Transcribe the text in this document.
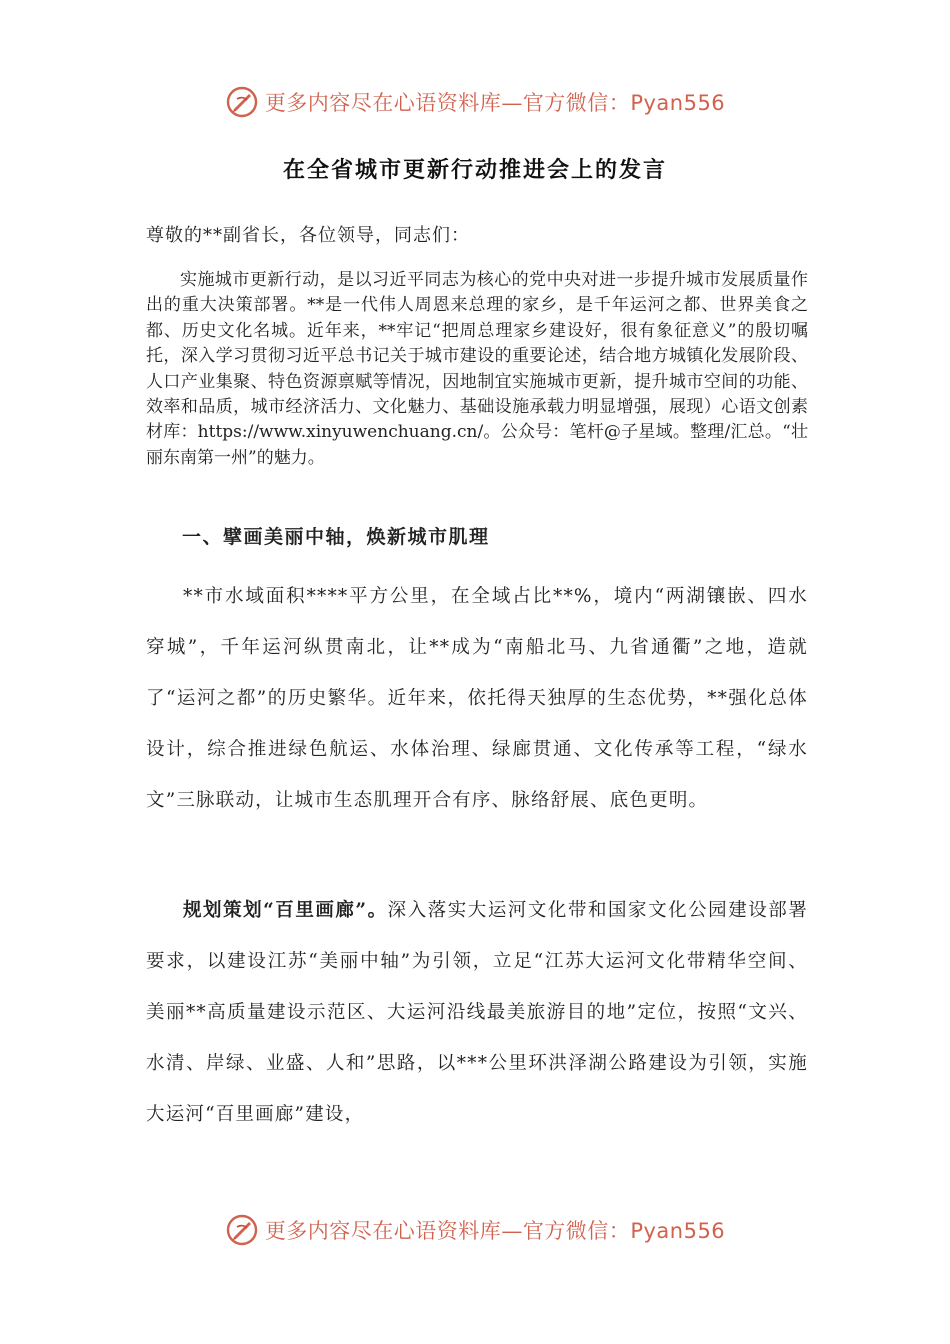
更多内容尽在心语资料库—官方微信：Pyan556
在全省城市更新行动推进会上的发言
尊敬的**副省长，各位领导，同志们：

实施城市更新行动，是以习近平同志为核心的党中央对进一步提升城市发展质量作出的重大决策部署。**是一代伟人周恩来总理的家乡，是千年运河之都、世界美食之都、历史文化名城。近年来，**牢记“把周总理家乡建设好，很有象征意义”的殷切嘱托，深入学习贯彻习近平总书记关于城市建设的重要论述，结合地方城镇化发展阶段、人口产业集聚、特色资源禀赋等情况，因地制宜实施城市更新，提升城市空间的功能、效率和品质，城市经济活力、文化魅力、基础设施承载力明显增强，展现）心语文创素材库：https://www.xinyuwenchuang.cn/。公众号：笔杆@子星域。整理/汇总。“壮丽东南第一州”的魅力。

一、擘画美丽中轴，焕新城市肌理

**市水域面积****平方公里，在全域占比**%，境内“两湖镶嵌、四水穿城”，千年运河纵贯南北，让**成为“南船北马、九省通衢”之地，造就了“运河之都”的历史繁华。近年来，依托得天独厚的生态优势，**强化总体设计，综合推进绿色航运、水体治理、绿廊贯通、文化传承等工程，“绿水文”三脉联动，让城市生态肌理开合有序、脉络舒展、底色更明。

规划策划“百里画廊”。深入落实大运河文化带和国家文化公园建设部署要求，以建设江苏“美丽中轴”为引领，立足“江苏大运河文化带精华空间、美丽**高质量建设示范区、大运河沿线最美旅游目的地”定位，按照“文兴、水清、岸绿、业盛、人和”思路，以***公里环洪泽湖公路建设为引领，实施大运河“百里画廊”建设，

更多内容尽在心语资料库—官方微信：Pyan556
